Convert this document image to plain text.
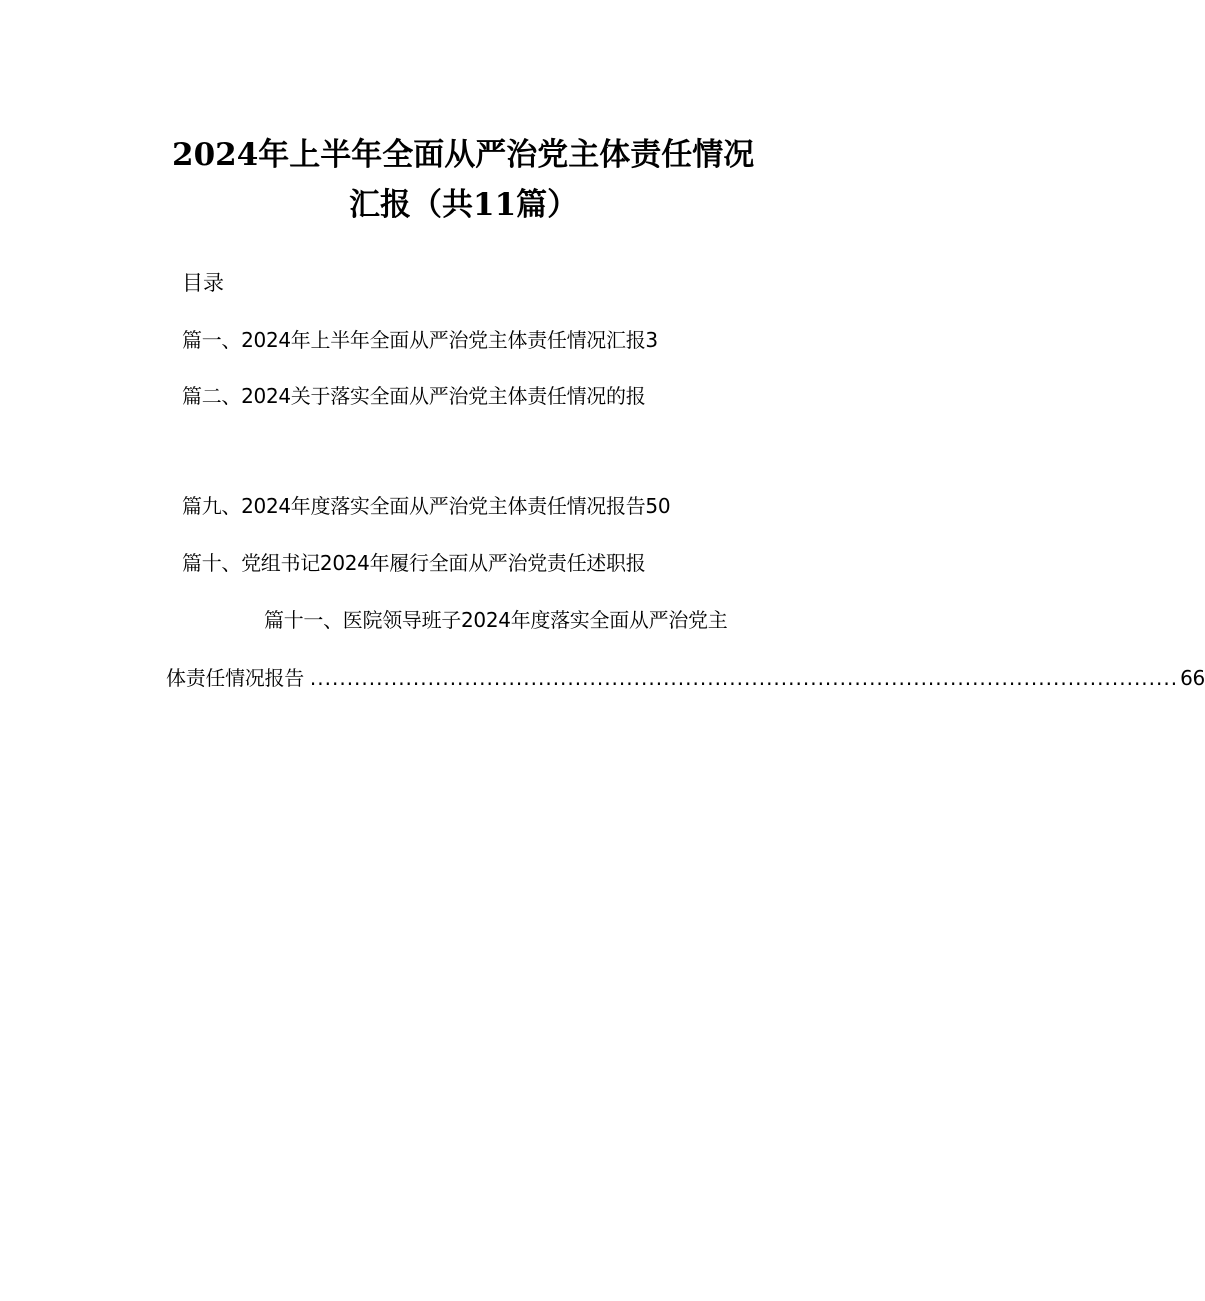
2024年上半年全面从严治党主体责任情况
汇报（共11篇）
目录
篇一、2024年上半年全面从严治党主体责任情况汇报3
篇二、2024关于落实全面从严治党主体责任情况的报
篇九、2024年度落实全面从严治党主体责任情况报告50
篇十、党组书记2024年履行全面从严治党责任述职报
篇十一、医院领导班子2024年度落实全面从严治党主
体责任情况报告 ...................................................................................................................... 66
